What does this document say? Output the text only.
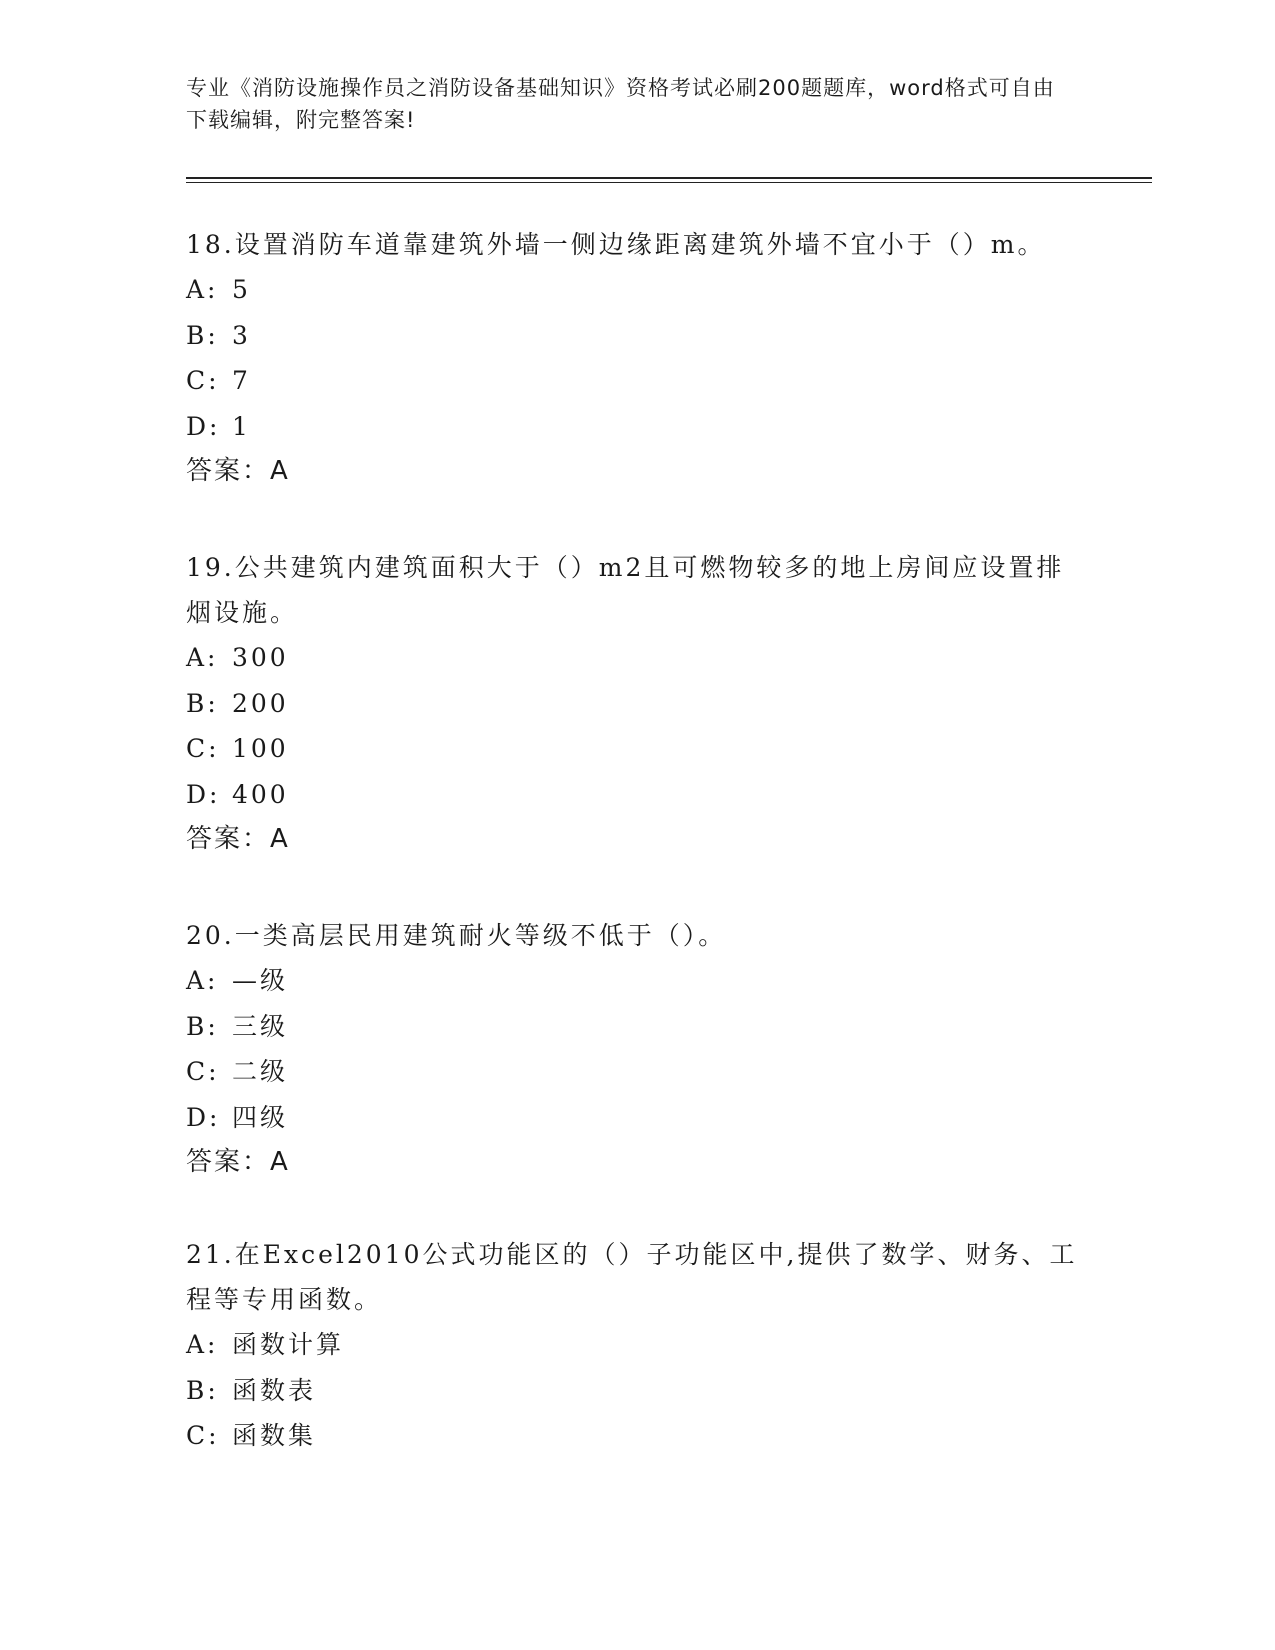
专业《消防设施操作员之消防设备基础知识》资格考试必刷200题题库，word格式可自由下载编辑，附完整答案!
18.设置消防车道靠建筑外墙一侧边缘距离建筑外墙不宜小于（）m。
A: 5
B: 3
C: 7
D: 1
答案：A
19.公共建筑内建筑面积大于（）m2且可燃物较多的地上房间应设置排烟设施。
A: 300
B: 200
C: 100
D: 400
答案：A
20.一类高层民用建筑耐火等级不低于（）。
A: —级
B: 三级
C: 二级
D: 四级
答案：A
21.在Excel2010公式功能区的（）子功能区中,提供了数学、财务、工程等专用函数。
A: 函数计算
B: 函数表
C: 函数集
